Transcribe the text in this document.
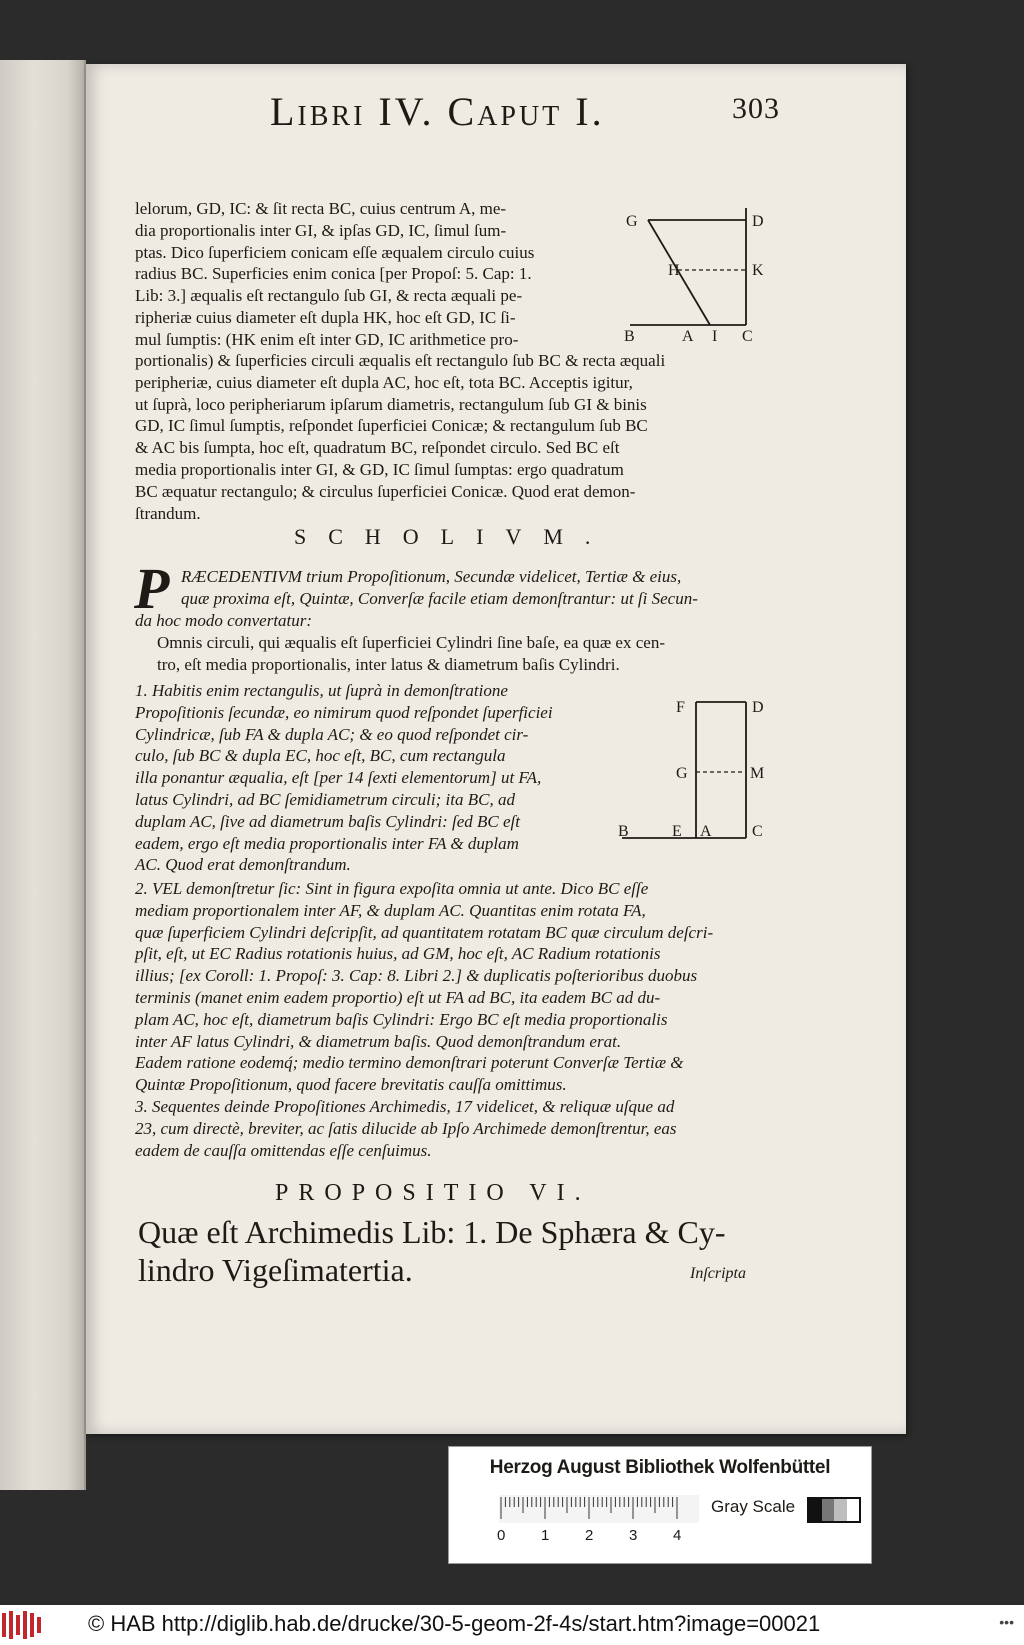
Libri IV. Caput I.	303

lelorum, GD, IC: & ſit recta BC, cuius centrum A, me-

dia proportionalis inter GI, & ipſas GD, IC, ſimul ſum-

ptas. Dico ſuperficiem conicam eſſe æqualem circulo cuius

radius BC. Superficies enim conica [per Propoſ: 5. Cap: 1.

Lib: 3.] æqualis eſt rectangulo ſub GI, & recta æquali pe-

ripheriæ cuius diameter eſt dupla HK, hoc eſt GD, IC ſi-

mul ſumptis: (HK enim eſt inter GD, IC arithmetice pro-

G	D
H	K
B	A I C

portionalis) & ſuperficies circuli æqualis eſt rectangulo ſub BC & recta æquali

peripheriæ, cuius diameter eſt dupla AC, hoc eſt, tota BC. Acceptis igitur,

ut ſuprà, loco peripheriarum ipſarum diametris, rectangulum ſub GI & binis

GD, IC ſimul ſumptis, reſpondet ſuperficiei Conicæ; & rectangulum ſub BC

& AC bis ſumpta, hoc eſt, quadratum BC, reſpondet circulo. Sed BC eſt

media proportionalis inter GI, & GD, IC ſimul ſumptas: ergo quadratum

BC æquatur rectangulo; & circulus ſuperficiei Conicæ. Quod erat demon-

ſtrandum.

SCHOLIVM.
P RÆCEDENTIVM trium Propoſitionum, Secundæ videlicet, Tertiæ & eius,

quæ proxima eſt, Quintæ, Converſæ facile etiam demonſtrantur: ut ſi Secun-

da hoc modo convertatur:

Omnis circuli, qui æqualis eſt ſuperficiei Cylindri ſine baſe, ea quæ ex cen-

tro, eſt media proportionalis, inter latus & diametrum baſis Cylindri.

1. Habitis enim rectangulis, ut ſuprà in demonſtratione

Propoſitionis ſecundæ, eo nimirum quod reſpondet ſuperficiei

Cylindricæ, ſub FA & dupla AC; & eo quod reſpondet cir-

culo, ſub BC & dupla EC, hoc eſt, BC, cum rectangula

illa ponantur æqualia, eſt [per 14 ſexti elementorum] ut FA,

latus Cylindri, ad BC ſemidiametrum circuli; ita BC, ad

duplam AC, ſive ad diametrum baſis Cylindri: ſed BC eſt

eadem, ergo eſt media proportionalis inter FA & duplam

AC. Quod erat demonſtrandum.

F	D
G	M
B	E A	C

2. VEL demonſtretur ſic: Sint in figura expoſita omnia ut ante. Dico BC eſſe

mediam proportionalem inter AF, & duplam AC. Quantitas enim rotata FA,

quæ ſuperficiem Cylindri deſcripſit, ad quantitatem rotatam BC quæ circulum deſcri-

pſit, eſt, ut EC Radius rotationis huius, ad GM, hoc eſt, AC Radium rotationis

illius; [ex Coroll: 1. Propoſ: 3. Cap: 8. Libri 2.] & duplicatis poſterioribus duobus

terminis (manet enim eadem proportio) eſt ut FA ad BC, ita eadem BC ad du-

plam AC, hoc eſt, diametrum baſis Cylindri: Ergo BC eſt media proportionalis

inter AF latus Cylindri, & diametrum baſis. Quod demonſtrandum erat.

Eadem ratione eodemq́; medio termino demonſtrari poterunt Converſæ Tertiæ &

Quintæ Propoſitionum, quod facere brevitatis cauſſa omittimus.

3. Sequentes deinde Propoſitiones Archimedis, 17 videlicet, & reliquæ uſque ad

23, cum directè, breviter, ac ſatis dilucide ab Ipſo Archimede demonſtrentur, eas

eadem de cauſſa omittendas eſſe cenſuimus.

PROPOSITIO VI.
Quæ eſt Archimedis Lib: 1. De Sphæra & Cy-
lindro Vigeſimatertia.	Inſcripta
Herzog August Bibliothek Wolfenbüttel
0 1 2 3 4
Gray Scale
© HAB http://diglib.hab.de/drucke/30-5-geom-2f-4s/start.htm?image=00021	•••
